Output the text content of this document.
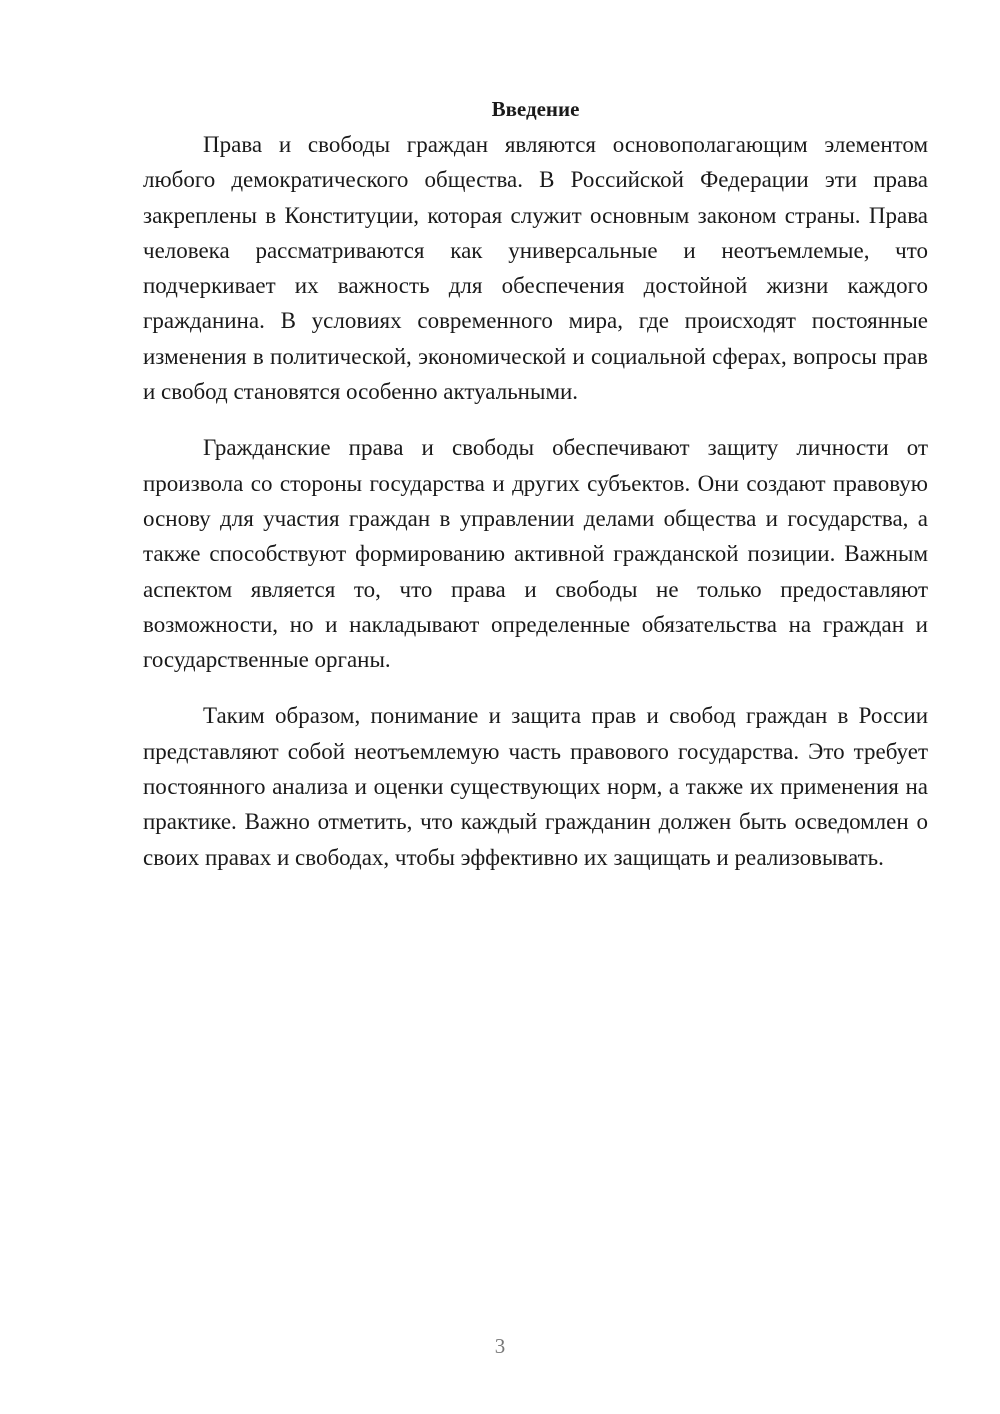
Введение

Права и свободы граждан являются основополагающим элементом любого демократического общества. В Российской Федерации эти права закреплены в Конституции, которая служит основным законом страны. Права человека рассматриваются как универсальные и неотъемлемые, что подчеркивает их важность для обеспечения достойной жизни каждого гражданина. В условиях современного мира, где происходят постоянные изменения в политической, экономической и социальной сферах, вопросы прав и свобод становятся особенно актуальными.

Гражданские права и свободы обеспечивают защиту личности от произвола со стороны государства и других субъектов. Они создают правовую основу для участия граждан в управлении делами общества и государства, а также способствуют формированию активной гражданской позиции. Важным аспектом является то, что права и свободы не только предоставляют возможности, но и накладывают определенные обязательства на граждан и государственные органы.

Таким образом, понимание и защита прав и свобод граждан в России представляют собой неотъемлемую часть правового государства. Это требует постоянного анализа и оценки существующих норм, а также их применения на практике. Важно отметить, что каждый гражданин должен быть осведомлен о своих правах и свободах, чтобы эффективно их защищать и реализовывать.

3
